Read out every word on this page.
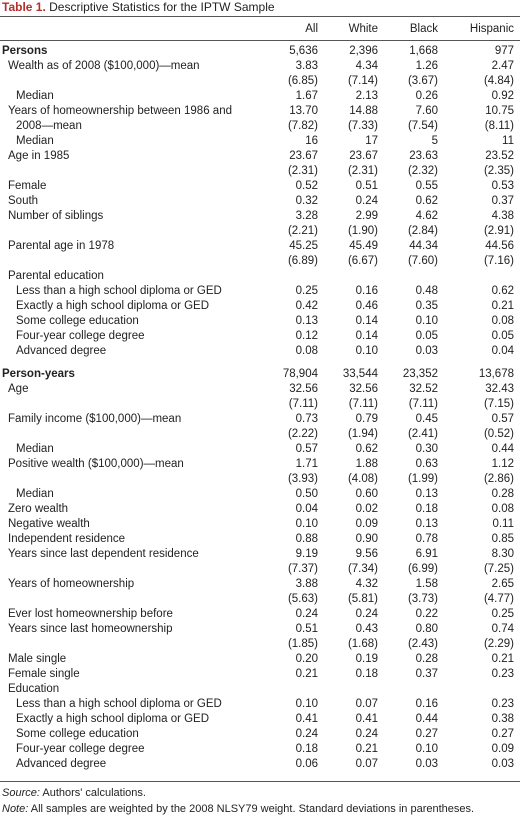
Table 1. Descriptive Statistics for the IPTW Sample
	All	White	Black	Hispanic
Persons	5,636	2,396	1,668	977
Wealth as of 2008 ($100,000)—mean	3.83	4.34	1.26	2.47
	(6.85)	(7.14)	(3.67)	(4.84)
Median	1.67	2.13	0.26	0.92
Years of homeownership between 1986 and	13.70	14.88	7.60	10.75
2008—mean	(7.82)	(7.33)	(7.54)	(8.11)
Median	16	17	5	11
Age in 1985	23.67	23.67	23.63	23.52
	(2.31)	(2.31)	(2.32)	(2.35)
Female	0.52	0.51	0.55	0.53
South	0.32	0.24	0.62	0.37
Number of siblings	3.28	2.99	4.62	4.38
	(2.21)	(1.90)	(2.84)	(2.91)
Parental age in 1978	45.25	45.49	44.34	44.56
	(6.89)	(6.67)	(7.60)	(7.16)
Parental education				
Less than a high school diploma or GED	0.25	0.16	0.48	0.62
Exactly a high school diploma or GED	0.42	0.46	0.35	0.21
Some college education	0.13	0.14	0.10	0.08
Four-year college degree	0.12	0.14	0.05	0.05
Advanced degree	0.08	0.10	0.03	0.04

Person-years	78,904	33,544	23,352	13,678
Age	32.56	32.56	32.52	32.43
	(7.11)	(7.11)	(7.11)	(7.15)
Family income ($100,000)—mean	0.73	0.79	0.45	0.57
	(2.22)	(1.94)	(2.41)	(0.52)
Median	0.57	0.62	0.30	0.44
Positive wealth ($100,000)—mean	1.71	1.88	0.63	1.12
	(3.93)	(4.08)	(1.99)	(2.86)
Median	0.50	0.60	0.13	0.28
Zero wealth	0.04	0.02	0.18	0.08
Negative wealth	0.10	0.09	0.13	0.11
Independent residence	0.88	0.90	0.78	0.85
Years since last dependent residence	9.19	9.56	6.91	8.30
	(7.37)	(7.34)	(6.99)	(7.25)
Years of homeownership	3.88	4.32	1.58	2.65
	(5.63)	(5.81)	(3.73)	(4.77)
Ever lost homeownership before	0.24	0.24	0.22	0.25
Years since last homeownership	0.51	0.43	0.80	0.74
	(1.85)	(1.68)	(2.43)	(2.29)
Male single	0.20	0.19	0.28	0.21
Female single	0.21	0.18	0.37	0.23
Education				
Less than a high school diploma or GED	0.10	0.07	0.16	0.23
Exactly a high school diploma or GED	0.41	0.41	0.44	0.38
Some college education	0.24	0.24	0.27	0.27
Four-year college degree	0.18	0.21	0.10	0.09
Advanced degree	0.06	0.07	0.03	0.03
Source: Authors' calculations.
Note: All samples are weighted by the 2008 NLSY79 weight. Standard deviations in parentheses.
